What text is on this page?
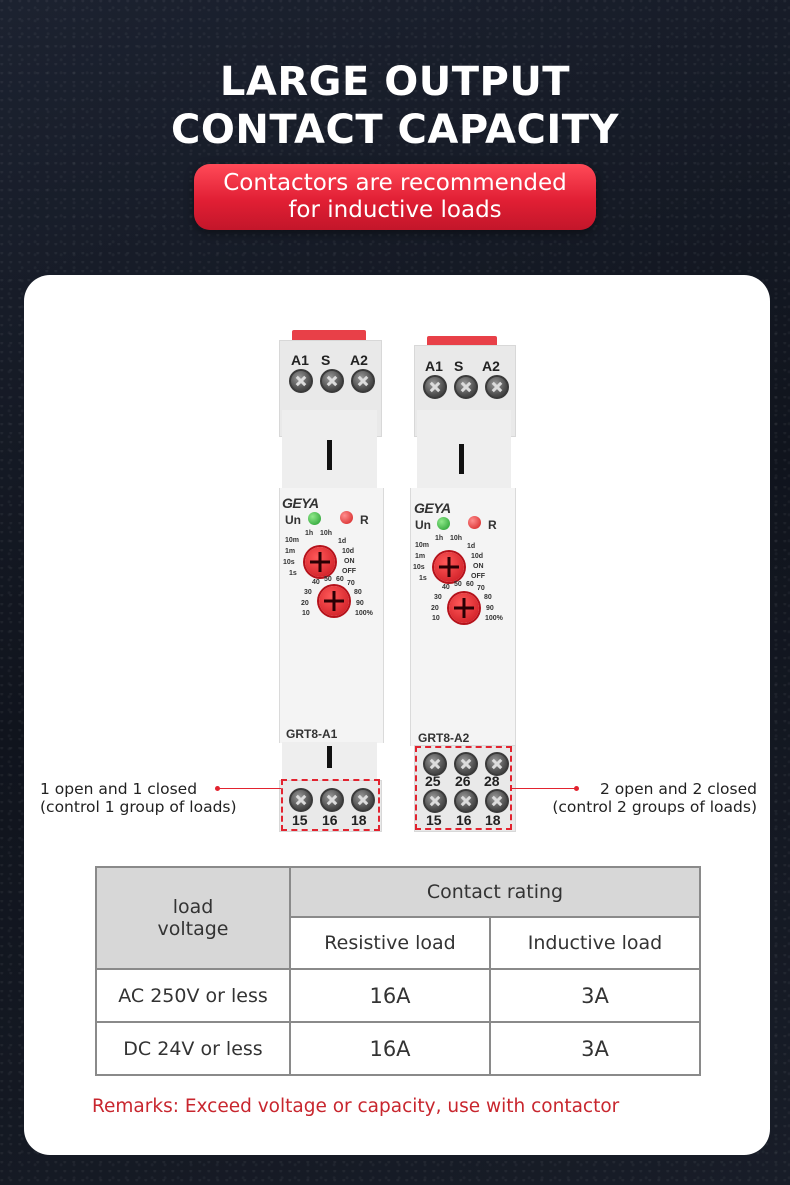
LARGE OUTPUT
CONTACT CAPACITY
Contactors are recommended
for inductive loads
A1 S A2
GEYA
Un	R
10m
1m
10s
1s
1h 10h
1d
10d
ON
OFF
40 50 60
70
30
20
10
80
90
100%
GRT8-A1
15 16 18
A1 S A2
GEYA
Un	R
10m
1m
10s
1s
1h 10h
1d
10d
ON
OFF
40 50 60
70
30
20
10
80
90
100%
GRT8-A2
25 26 28
15 16 18
1 open and 1 closed
(control 1 group of loads)
2 open and 2 closed
(control 2 groups of loads)
load
voltage	Contact rating	
	Resistive load	Inductive load
AC 250V or less	16A	3A
DC 24V or less	16A	3A
Remarks: Exceed voltage or capacity, use with contactor
